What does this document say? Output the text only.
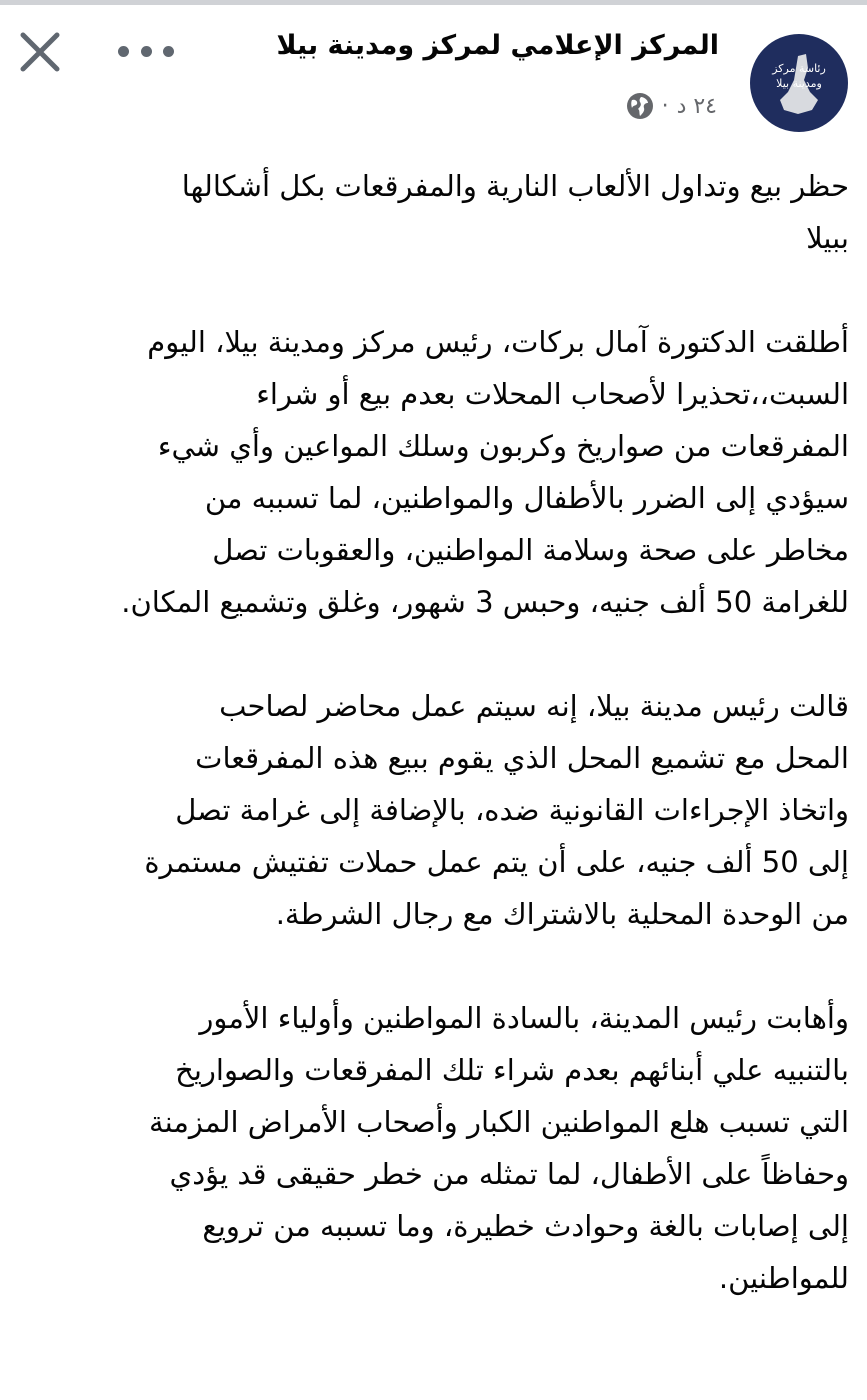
رئاسة مركز
ومدينة بيلا
المركز الإعلامي لمركز ومدينة بيلا
٢٤ د
·
حظر بيع وتداول الألعاب النارية والمفرقعات بكل أشكالها
ببيلا
أطلقت الدكتورة آمال بركات، رئيس مركز ومدينة بيلا، اليوم
السبت،،تحذيرا لأصحاب المحلات بعدم بيع أو شراء
المفرقعات من صواريخ وكربون وسلك المواعين وأي شيء
سيؤدي إلى الضرر بالأطفال والمواطنين، لما تسببه من
مخاطر على صحة وسلامة المواطنين، والعقوبات تصل
للغرامة 50 ألف جنيه، وحبس 3 شهور، وغلق وتشميع المكان.
قالت رئيس مدينة بيلا، إنه سيتم عمل محاضر لصاحب
المحل مع تشميع المحل الذي يقوم ببيع هذه المفرقعات
واتخاذ الإجراءات القانونية ضده، بالإضافة إلى غرامة تصل
إلى 50 ألف جنيه، على أن يتم عمل حملات تفتيش مستمرة
من الوحدة المحلية بالاشتراك مع رجال الشرطة.
وأهابت رئيس المدينة، بالسادة المواطنين وأولياء الأمور
بالتنبيه علي أبنائهم بعدم شراء تلك المفرقعات والصواريخ
التي تسبب هلع المواطنين الكبار وأصحاب الأمراض المزمنة
وحفاظاً على الأطفال، لما تمثله من خطر حقيقى قد يؤدي
إلى إصابات بالغة وحوادث خطيرة، وما تسببه من ترويع
للمواطنين.
